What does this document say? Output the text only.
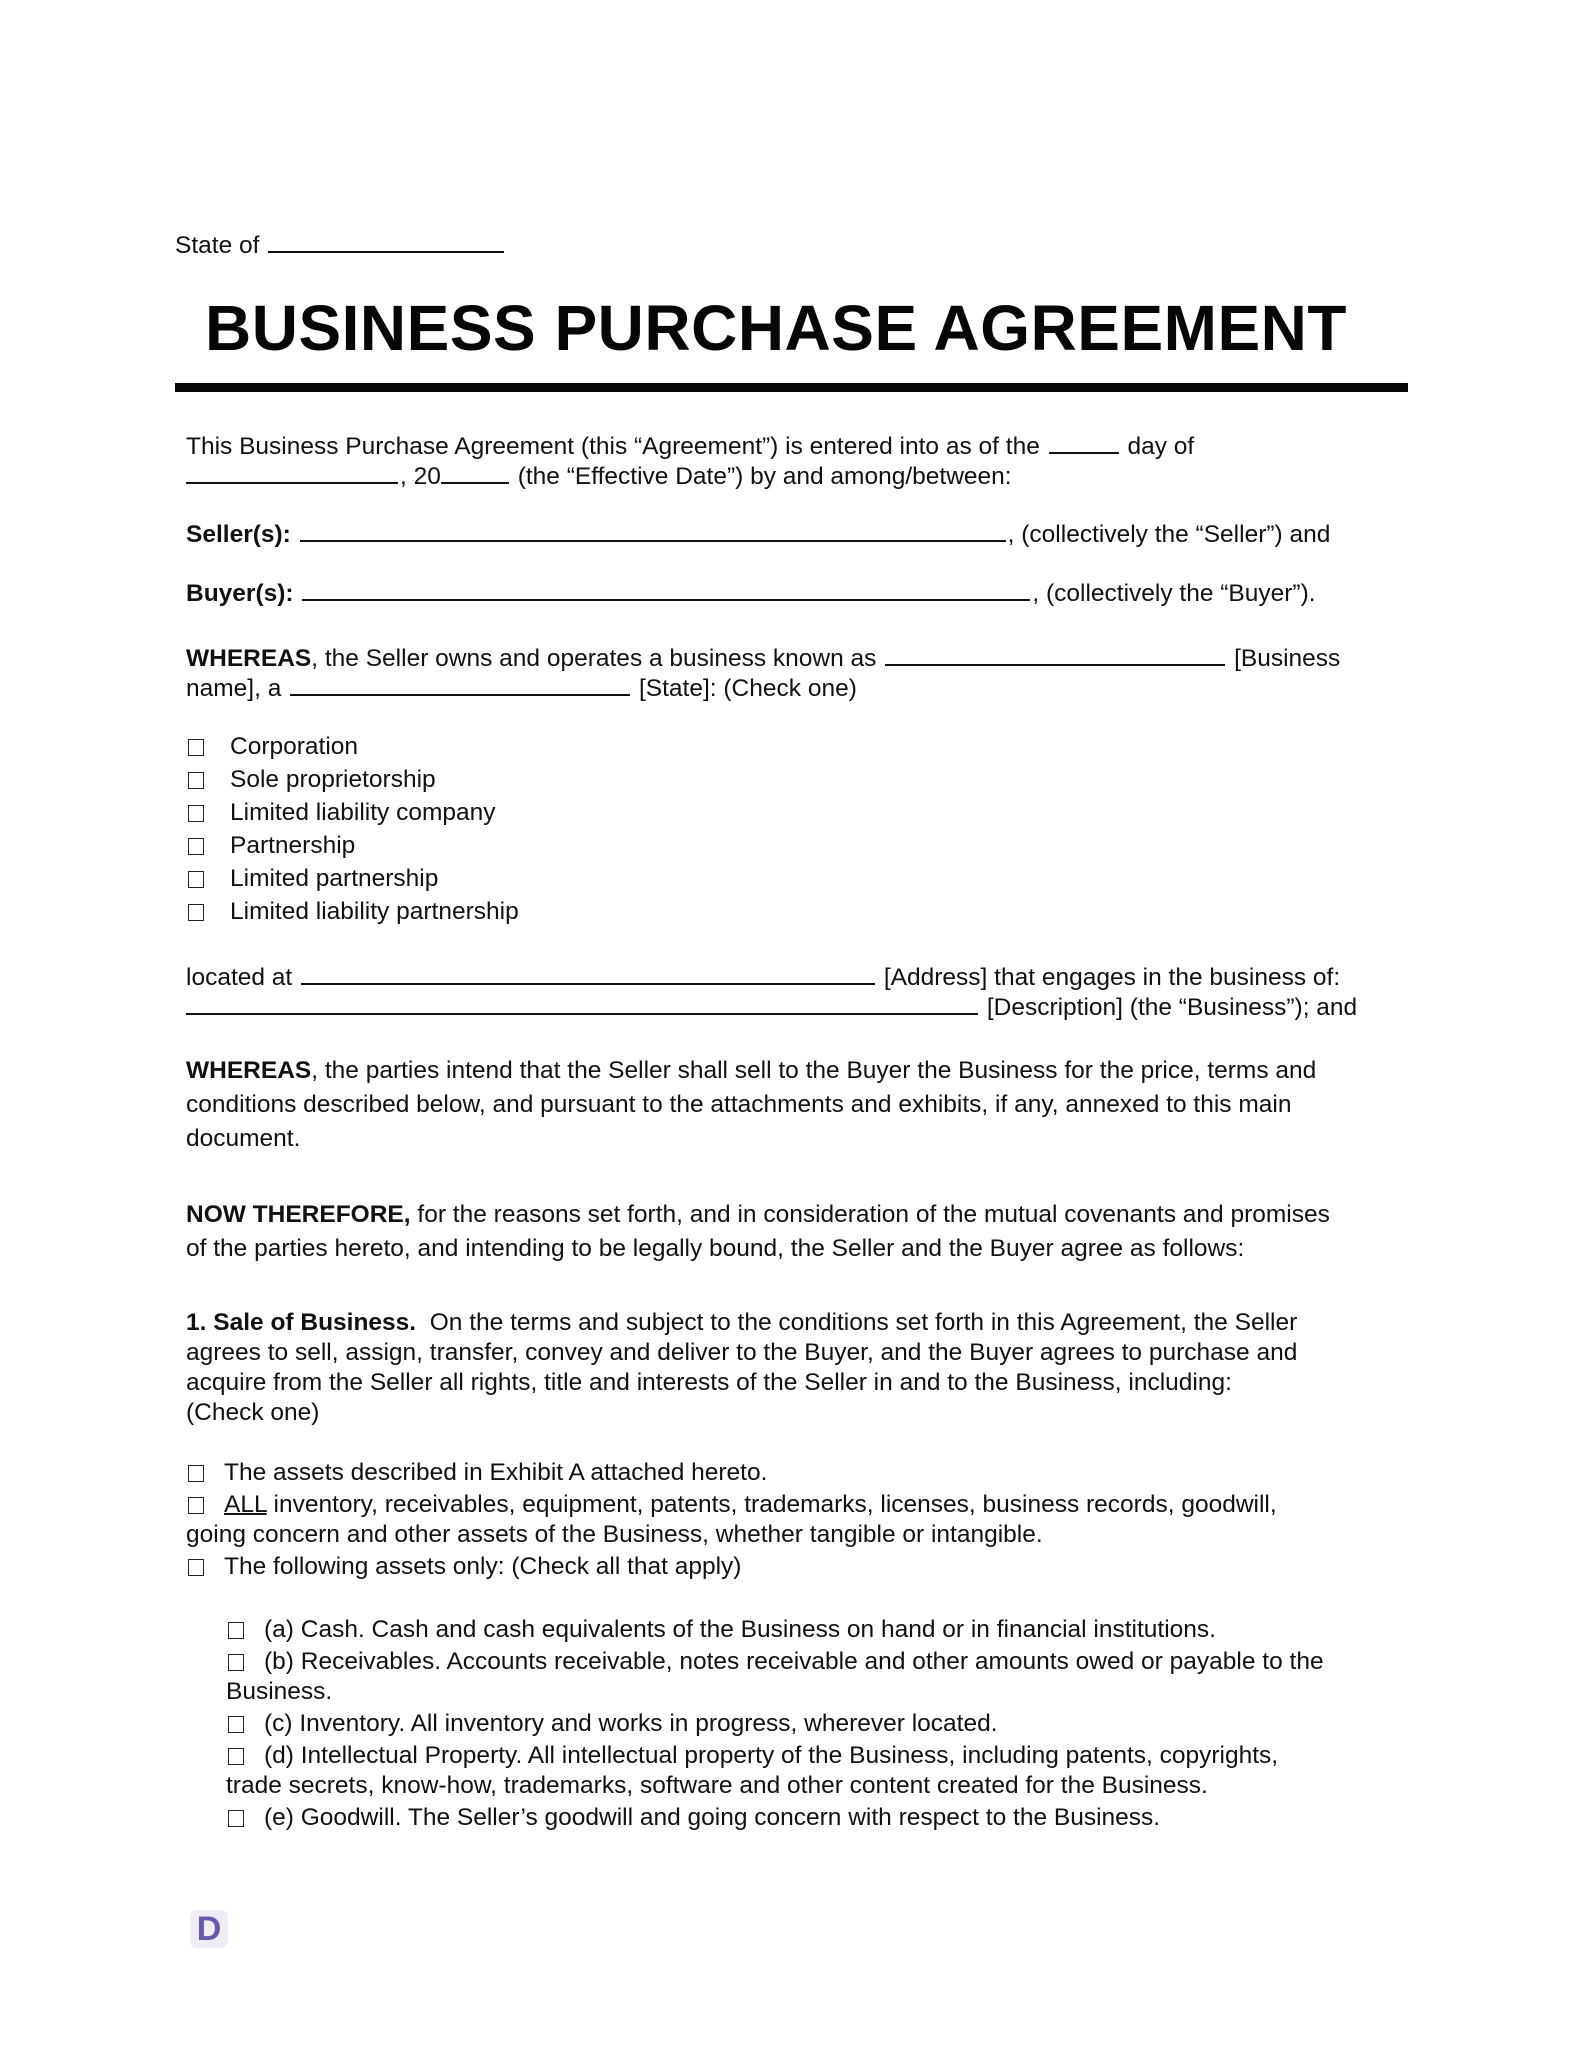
State of
BUSINESS PURCHASE AGREEMENT
This Business Purchase Agreement (this “Agreement”) is entered into as of the	day of
, 20	(the “Effective Date”) by and among/between:
Seller(s):	, (collectively the “Seller”) and
Buyer(s):	, (collectively the “Buyer”).
WHEREAS, the Seller owns and operates a business known as	[Business
name], a	[State]: (Check one)
Corporation
Sole proprietorship
Limited liability company
Partnership
Limited partnership
Limited liability partnership
located at	[Address] that engages in the business of:
[Description] (the “Business”); and
WHEREAS, the parties intend that the Seller shall sell to the Buyer the Business for the price, terms and
conditions described below, and pursuant to the attachments and exhibits, if any, annexed to this main
document.
NOW THEREFORE, for the reasons set forth, and in consideration of the mutual covenants and promises
of the parties hereto, and intending to be legally bound, the Seller and the Buyer agree as follows:
1. Sale of Business. On the terms and subject to the conditions set forth in this Agreement, the Seller
agrees to sell, assign, transfer, convey and deliver to the Buyer, and the Buyer agrees to purchase and
acquire from the Seller all rights, title and interests of the Seller in and to the Business, including:
(Check one)
The assets described in Exhibit A attached hereto.
ALL inventory, receivables, equipment, patents, trademarks, licenses, business records, goodwill,
going concern and other assets of the Business, whether tangible or intangible.
The following assets only: (Check all that apply)
(a) Cash. Cash and cash equivalents of the Business on hand or in financial institutions.
(b) Receivables. Accounts receivable, notes receivable and other amounts owed or payable to the
Business.
(c) Inventory. All inventory and works in progress, wherever located.
(d) Intellectual Property. All intellectual property of the Business, including patents, copyrights,
trade secrets, know-how, trademarks, software and other content created for the Business.
(e) Goodwill. The Seller’s goodwill and going concern with respect to the Business.
D
